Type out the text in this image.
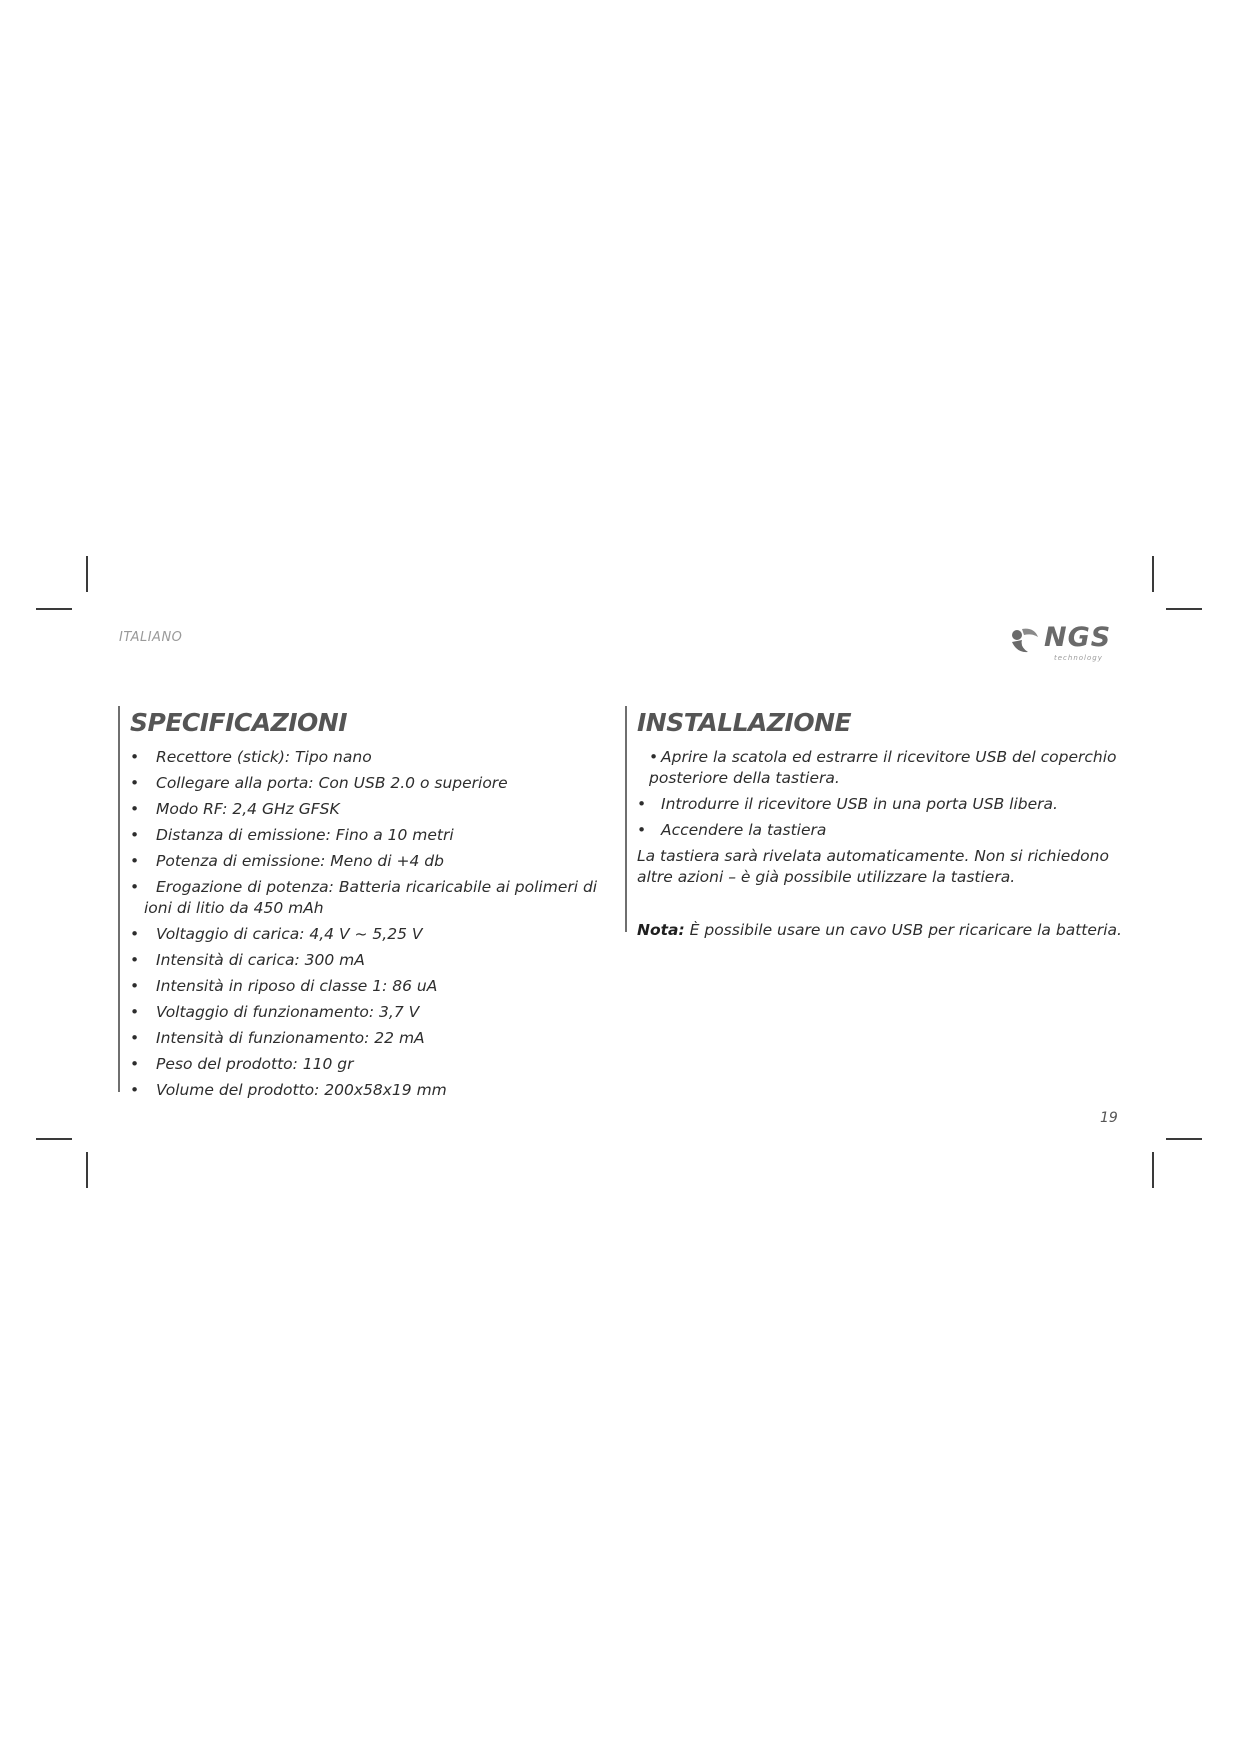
ITALIANO	NGS
technology
SPECIFICAZIONI
• Recettore (stick): Tipo nano
• Collegare alla porta: Con USB 2.0 o superiore
• Modo RF: 2,4 GHz GFSK
• Distanza di emissione: Fino a 10 metri
• Potenza di emissione: Meno di +4 db
• Erogazione di potenza: Batteria ricaricabile ai polimeri di ioni di litio da 450 mAh
• Voltaggio di carica: 4,4 V ~ 5,25 V
• Intensità di carica: 300 mA
• Intensità in riposo di classe 1: 86 uA
• Voltaggio di funzionamento: 3,7 V
• Intensità di funzionamento: 22 mA
• Peso del prodotto: 110 gr
• Volume del prodotto: 200x58x19 mm
INSTALLAZIONE
• Aprire la scatola ed estrarre il ricevitore USB del coperchio posteriore della tastiera.
• Introdurre il ricevitore USB in una porta USB libera.
• Accendere la tastiera

La tastiera sarà rivelata automaticamente. Non si richiedono altre azioni – è già possibile utilizzare la tastiera.

Nota: È possibile usare un cavo USB per ricaricare la batteria.

19
